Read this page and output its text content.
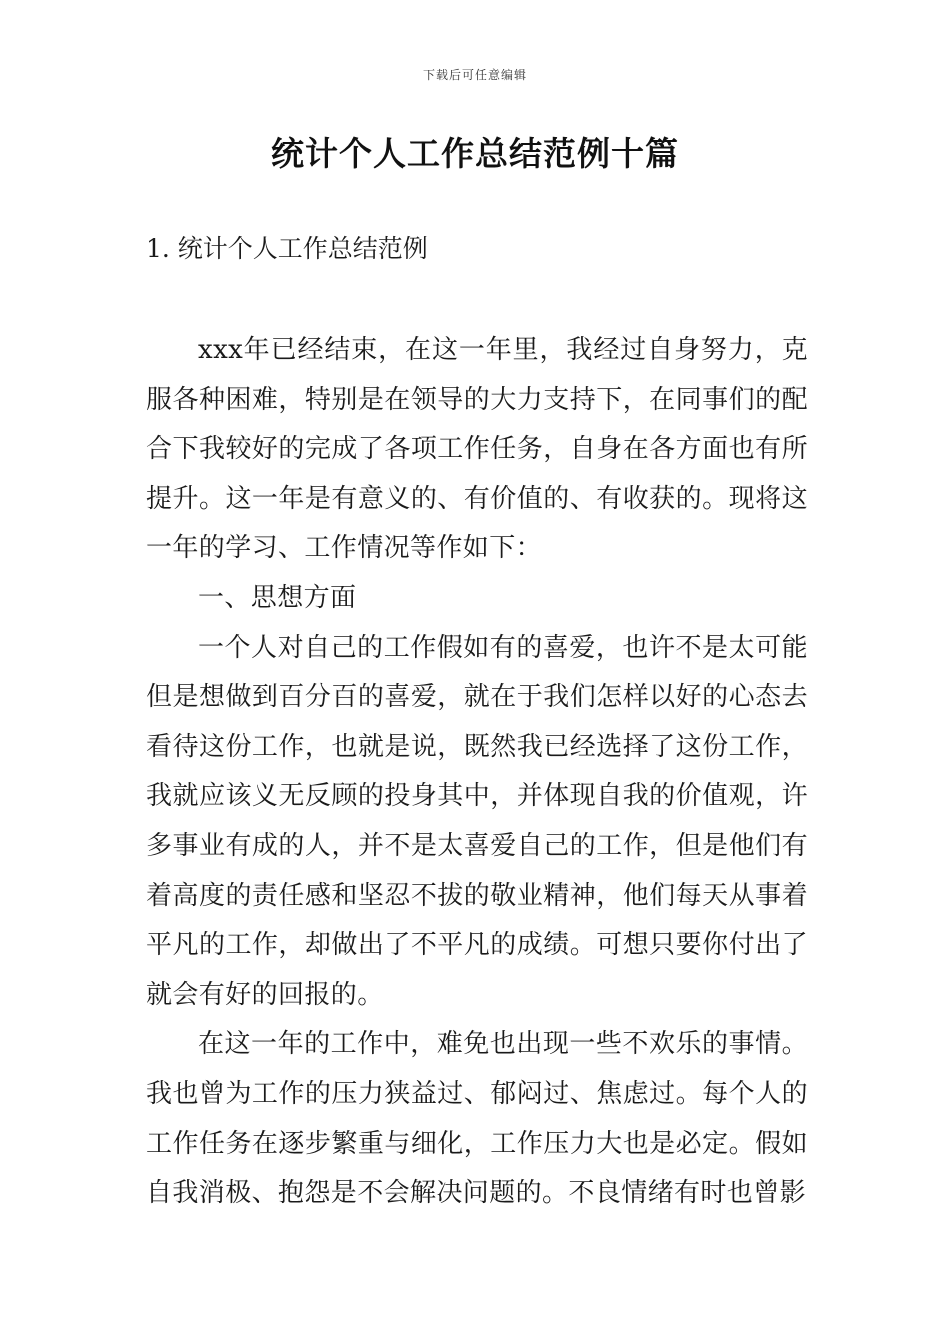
下载后可任意编辑
统计个人工作总结范例十篇
1. 统计个人工作总结范例

xxx年已经结束，在这一年里，我经过自身努力，克服各种困难，特别是在领导的大力支持下，在同事们的配合下我较好的完成了各项工作任务，自身在各方面也有所提升。这一年是有意义的、有价值的、有收获的。现将这一年的学习、工作情况等作如下：

一、思想方面

一个人对自己的工作假如有的喜爱，也许不是太可能但是想做到百分百的喜爱，就在于我们怎样以好的心态去看待这份工作，也就是说，既然我已经选择了这份工作，我就应该义无反顾的投身其中，并体现自我的价值观，许多事业有成的人，并不是太喜爱自己的工作，但是他们有着高度的责任感和坚忍不拔的敬业精神，他们每天从事着平凡的工作，却做出了不平凡的成绩。可想只要你付出了就会有好的回报的。

在这一年的工作中，难免也出现一些不欢乐的事情。我也曾为工作的压力狭益过、郁闷过、焦虑过。每个人的工作任务在逐步繁重与细化，工作压力大也是必定。假如自我消极、抱怨是不会解决问题的。不良情绪有时也曾影
